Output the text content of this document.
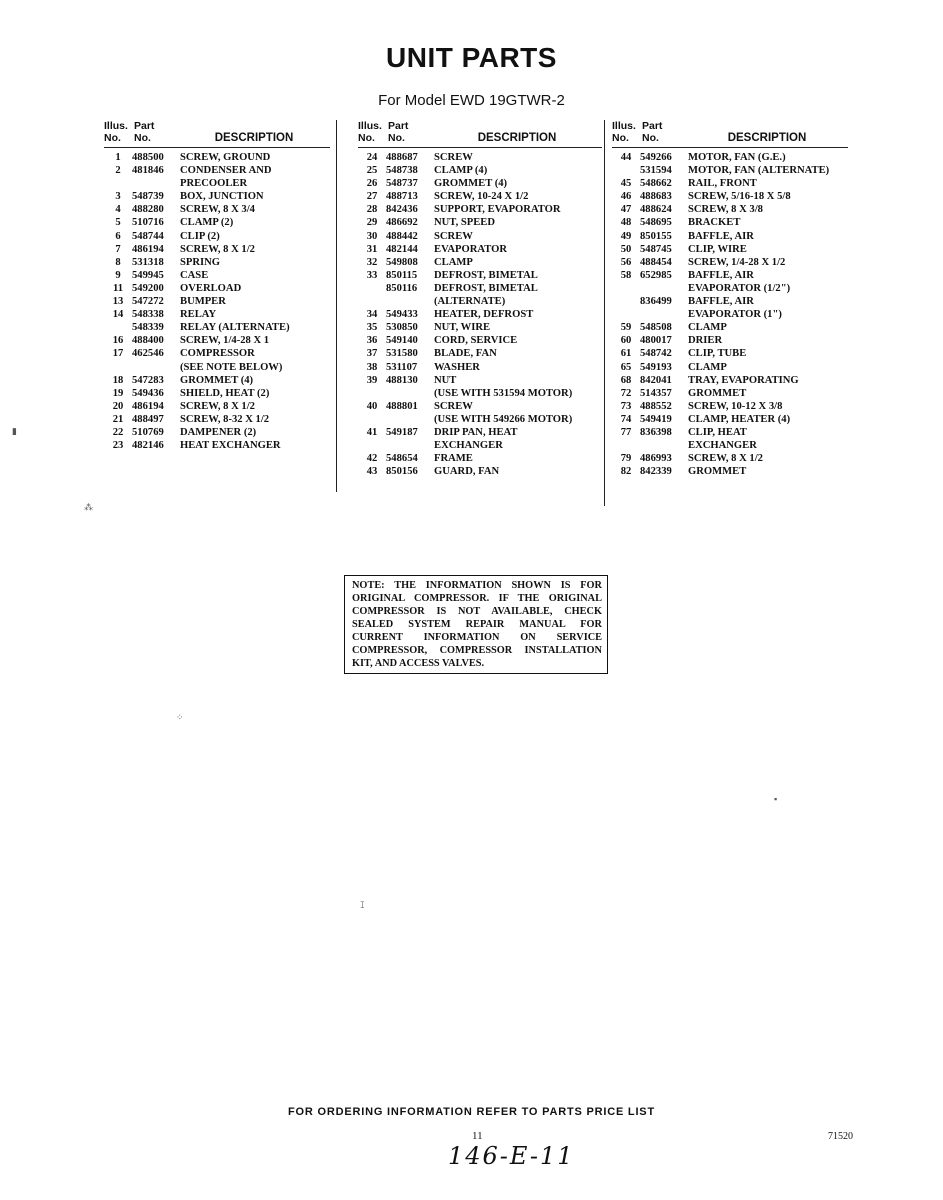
UNIT PARTS
For Model EWD 19GTWR-2
Illus.
No.
Part
No.	DESCRIPTION
1	488500	SCREW, GROUND
2	481846	CONDENSER AND
PRECOOLER
3	548739	BOX, JUNCTION
4	488280	SCREW, 8 X 3/4
5	510716	CLAMP (2)
6	548744	CLIP (2)
7	486194	SCREW, 8 X 1/2
8	531318	SPRING
9	549945	CASE
11 549200	OVERLOAD
13 547272	BUMPER
14 548338	RELAY
548339	RELAY (ALTERNATE)
16 488400	SCREW, 1/4-28 X 1
17 462546	COMPRESSOR
(SEE NOTE BELOW)
18 547283	GROMMET (4)
19 549436	SHIELD, HEAT (2)
20 486194	SCREW, 8 X 1/2
21 488497	SCREW, 8-32 X 1/2
22 510769	DAMPENER (2)
23 482146	HEAT EXCHANGER
Illus.
No.
Part
No.	DESCRIPTION
24 488687	SCREW
25 548738	CLAMP (4)
26 548737	GROMMET (4)
27 488713	SCREW, 10-24 X 1/2
28 842436	SUPPORT, EVAPORATOR
29 486692	NUT, SPEED
30 488442	SCREW
31 482144	EVAPORATOR
32 549808	CLAMP
33 850115	DEFROST, BIMETAL
850116	DEFROST, BIMETAL
(ALTERNATE)
34 549433	HEATER, DEFROST
35 530850	NUT, WIRE
36 549140	CORD, SERVICE
37 531580	BLADE, FAN
38 531107	WASHER
39 488130	NUT
(USE WITH 531594 MOTOR)
40 488801	SCREW
(USE WITH 549266 MOTOR)
41 549187	DRIP PAN, HEAT
EXCHANGER
42 548654	FRAME
43 850156	GUARD, FAN
Illus.
No.
Part
No.	DESCRIPTION
44 549266	MOTOR, FAN (G.E.)
531594	MOTOR, FAN (ALTERNATE)
45 548662	RAIL, FRONT
46 488683	SCREW, 5/16-18 X 5/8
47 488624	SCREW, 8 X 3/8
48 548695	BRACKET
49 850155	BAFFLE, AIR
50 548745	CLIP, WIRE
56 488454	SCREW, 1/4-28 X 1/2
58 652985	BAFFLE, AIR
EVAPORATOR (1/2")
836499	BAFFLE, AIR
EVAPORATOR (1")
59 548508	CLAMP
60 480017	DRIER
61 548742	CLIP, TUBE
65 549193	CLAMP
68 842041	TRAY, EVAPORATING
72 514357	GROMMET
73 488552	SCREW, 10-12 X 3/8
74 549419	CLAMP, HEATER (4)
77 836398	CLIP, HEAT
EXCHANGER
79 486993	SCREW, 8 X 1/2
82 842339	GROMMET
NOTE: THE INFORMATION SHOWN IS FOR ORIGINAL COMPRESSOR. IF THE ORIGINAL COMPRESSOR IS NOT AVAILABLE, CHECK SEALED SYSTEM REPAIR MANUAL FOR CURRENT INFORMATION ON SERVICE COMPRESSOR, COMPRESSOR INSTALLATION KIT, AND ACCESS VALVES.
FOR ORDERING INFORMATION REFER TO PARTS PRICE LIST
11
146-E-11
71520
▮
⁂
⁘
ꕯ
▪
